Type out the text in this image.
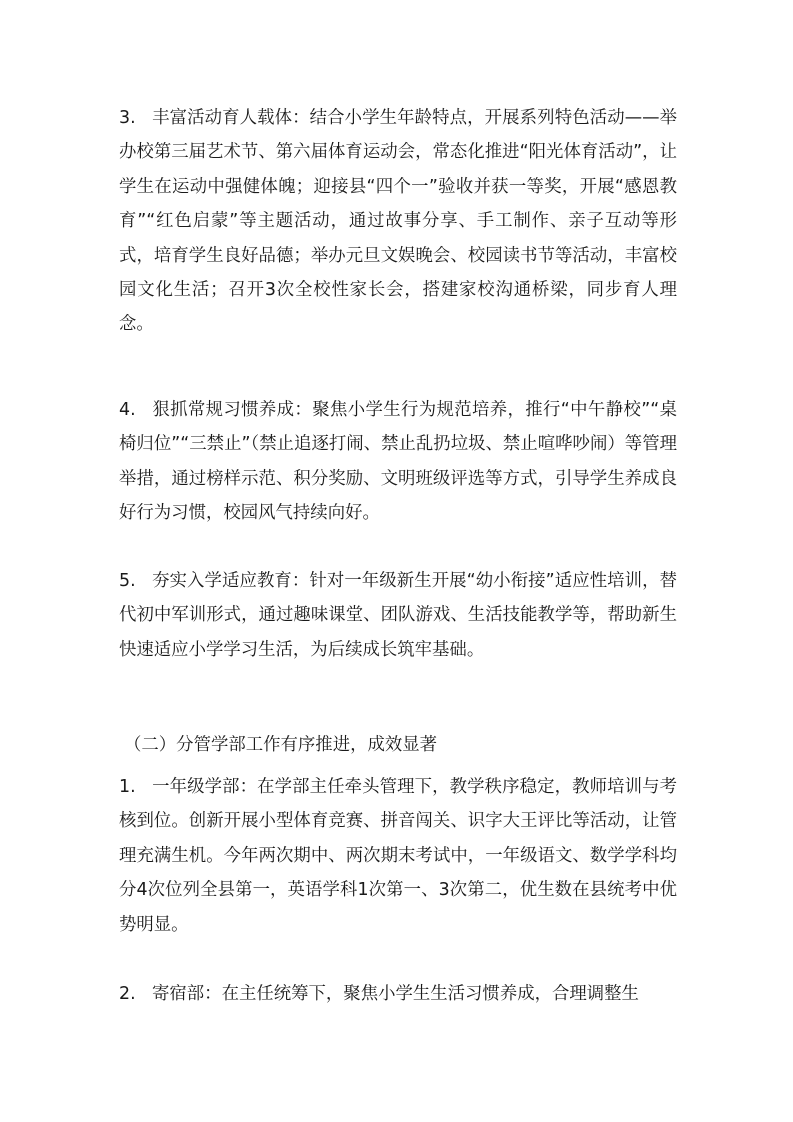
3. 丰富活动育人载体：结合小学生年龄特点，开展系列特色活动——举办校第三届艺术节、第六届体育运动会，常态化推进“阳光体育活动”，让学生在运动中强健体魄；迎接县“四个一”验收并获一等奖，开展“感恩教育”“红色启蒙”等主题活动，通过故事分享、手工制作、亲子互动等形式，培育学生良好品德；举办元旦文娱晚会、校园读书节等活动，丰富校园文化生活；召开3次全校性家长会，搭建家校沟通桥梁，同步育人理念。

4. 狠抓常规习惯养成：聚焦小学生行为规范培养，推行“中午静校”“桌椅归位”“三禁止”（禁止追逐打闹、禁止乱扔垃圾、禁止喧哗吵闹）等管理举措，通过榜样示范、积分奖励、文明班级评选等方式，引导学生养成良好行为习惯，校园风气持续向好。

5. 夯实入学适应教育：针对一年级新生开展“幼小衔接”适应性培训，替代初中军训形式，通过趣味课堂、团队游戏、生活技能教学等，帮助新生快速适应小学学习生活，为后续成长筑牢基础。

（二）分管学部工作有序推进，成效显著

1. 一年级学部：在学部主任牵头管理下，教学秩序稳定，教师培训与考核到位。创新开展小型体育竞赛、拼音闯关、识字大王评比等活动，让管理充满生机。今年两次期中、两次期末考试中，一年级语文、数学学科均分4次位列全县第一，英语学科1次第一、3次第二，优生数在县统考中优势明显。

2. 寄宿部：在主任统筹下，聚焦小学生生活习惯养成，合理调整生
